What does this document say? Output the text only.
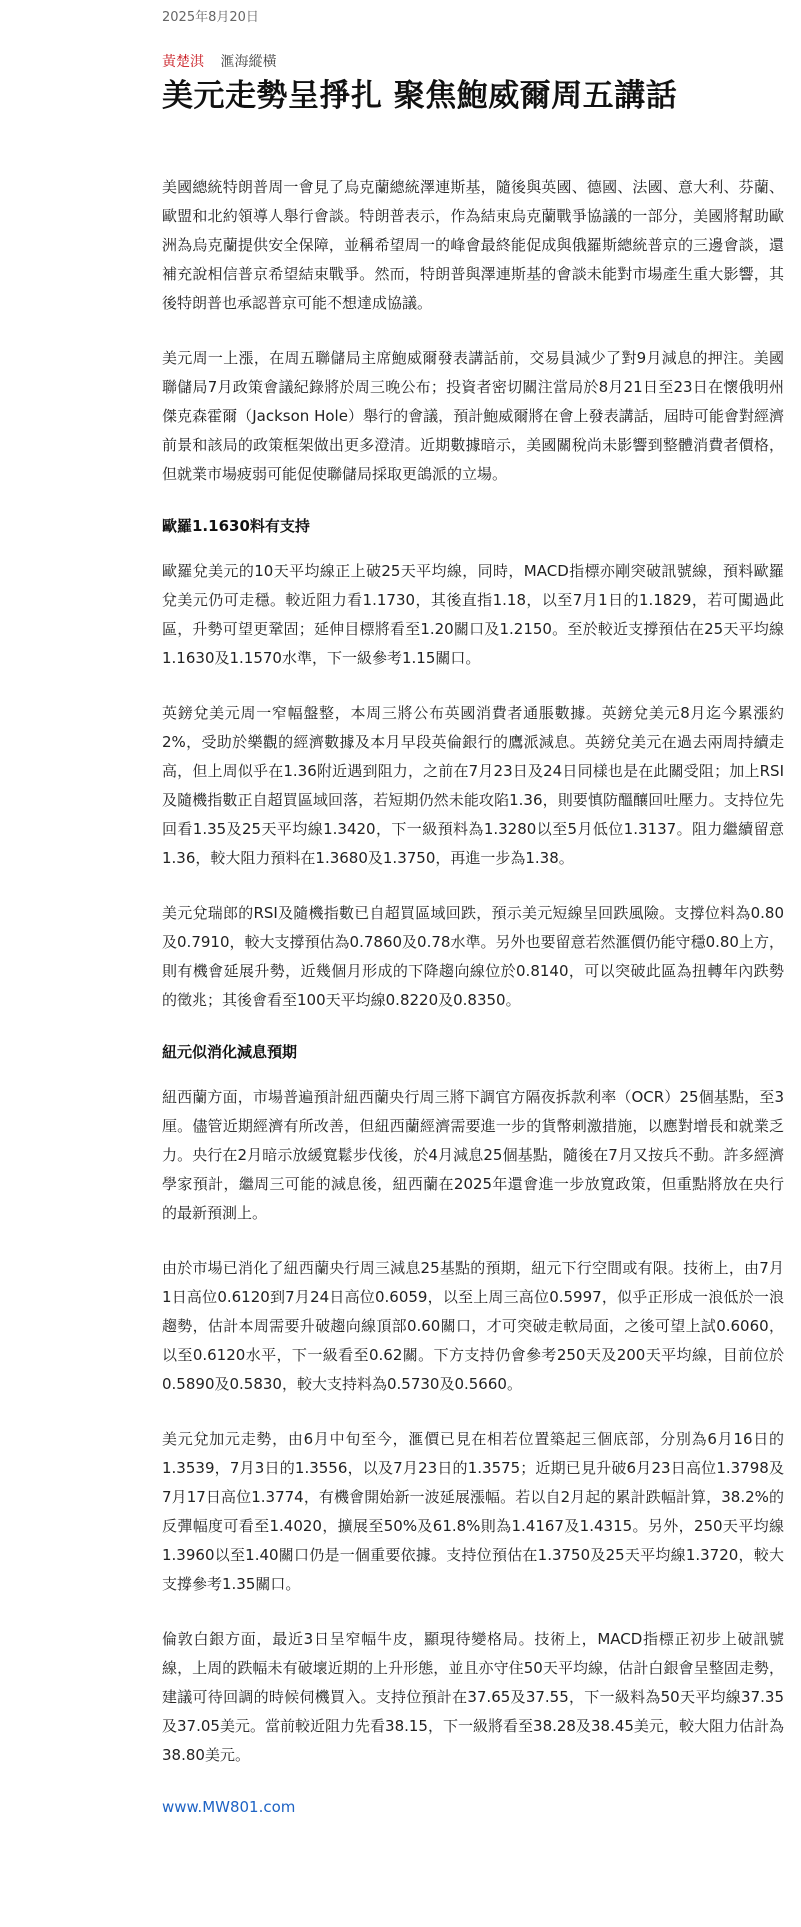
2025年8月20日
黃楚淇 滙海縱橫
美元走勢呈掙扎 聚焦鮑威爾周五講話

美國總統特朗普周一會見了烏克蘭總統澤連斯基，隨後與英國、德國、法國、意大利、芬蘭、歐盟和北約領導人舉行會談。特朗普表示，作為結束烏克蘭戰爭協議的一部分，美國將幫助歐洲為烏克蘭提供安全保障，並稱希望周一的峰會最終能促成與俄羅斯總統普京的三邊會談，還補充說相信普京希望結束戰爭。然而，特朗普與澤連斯基的會談未能對市場產生重大影響，其後特朗普也承認普京可能不想達成協議。

美元周一上漲，在周五聯儲局主席鮑威爾發表講話前，交易員減少了對9月減息的押注。美國聯儲局7月政策會議紀錄將於周三晚公布；投資者密切關注當局於8月21日至23日在懷俄明州傑克森霍爾（Jackson Hole）舉行的會議，預計鮑威爾將在會上發表講話，屆時可能會對經濟前景和該局的政策框架做出更多澄清。近期數據暗示，美國關稅尚未影響到整體消費者價格，但就業市場疲弱可能促使聯儲局採取更鴿派的立場。

歐羅1.1630料有支持

歐羅兌美元的10天平均線正上破25天平均線，同時，MACD指標亦剛突破訊號線，預料歐羅兌美元仍可走穩。較近阻力看1.1730，其後直指1.18，以至7月1日的1.1829，若可闖過此區，升勢可望更鞏固；延伸目標將看至1.20關口及1.2150。至於較近支撐預估在25天平均線1.1630及1.1570水準，下一級參考1.15關口。

英鎊兌美元周一窄幅盤整，本周三將公布英國消費者通脹數據。英鎊兌美元8月迄今累漲約2%，受助於樂觀的經濟數據及本月早段英倫銀行的鷹派減息。英鎊兌美元在過去兩周持續走高，但上周似乎在1.36附近遇到阻力，之前在7月23日及24日同樣也是在此關受阻；加上RSI及隨機指數正自超買區域回落，若短期仍然未能攻陷1.36，則要慎防醞釀回吐壓力。支持位先回看1.35及25天平均線1.3420，下一級預料為1.3280以至5月低位1.3137。阻力繼續留意1.36，較大阻力預料在1.3680及1.3750，再進一步為1.38。

美元兌瑞郎的RSI及隨機指數已自超買區域回跌，預示美元短線呈回跌風險。支撐位料為0.80及0.7910，較大支撐預估為0.7860及0.78水準。另外也要留意若然滙價仍能守穩0.80上方，則有機會延展升勢，近幾個月形成的下降趨向線位於0.8140，可以突破此區為扭轉年內跌勢的徵兆；其後會看至100天平均線0.8220及0.8350。

紐元似消化減息預期

紐西蘭方面，市場普遍預計紐西蘭央行周三將下調官方隔夜拆款利率（OCR）25個基點，至3厘。儘管近期經濟有所改善，但紐西蘭經濟需要進一步的貨幣刺激措施，以應對增長和就業乏力。央行在2月暗示放緩寬鬆步伐後，於4月減息25個基點，隨後在7月又按兵不動。許多經濟學家預計，繼周三可能的減息後，紐西蘭在2025年還會進一步放寬政策，但重點將放在央行的最新預測上。

由於市場已消化了紐西蘭央行周三減息25基點的預期，紐元下行空間或有限。技術上，由7月1日高位0.6120到7月24日高位0.6059，以至上周三高位0.5997，似乎正形成一浪低於一浪趨勢，估計本周需要升破趨向線頂部0.60關口，才可突破走軟局面，之後可望上試0.6060，以至0.6120水平，下一級看至0.62關。下方支持仍會參考250天及200天平均線，目前位於0.5890及0.5830，較大支持料為0.5730及0.5660。

美元兌加元走勢，由6月中旬至今，滙價已見在相若位置築起三個底部，分別為6月16日的1.3539，7月3日的1.3556，以及7月23日的1.3575；近期已見升破6月23日高位1.3798及7月17日高位1.3774，有機會開始新一波延展漲幅。若以自2月起的累計跌幅計算，38.2%的反彈幅度可看至1.4020，擴展至50%及61.8%則為1.4167及1.4315。另外，250天平均線1.3960以至1.40關口仍是一個重要依據。支持位預估在1.3750及25天平均線1.3720，較大支撐參考1.35關口。

倫敦白銀方面，最近3日呈窄幅牛皮，顯現待變格局。技術上，MACD指標正初步上破訊號線，上周的跌幅未有破壞近期的上升形態，並且亦守住50天平均線，估計白銀會呈整固走勢，建議可待回調的時候伺機買入。支持位預計在37.65及37.55，下一級料為50天平均線37.35及37.05美元。當前較近阻力先看38.15，下一級將看至38.28及38.45美元，較大阻力估計為38.80美元。

www.MW801.com
